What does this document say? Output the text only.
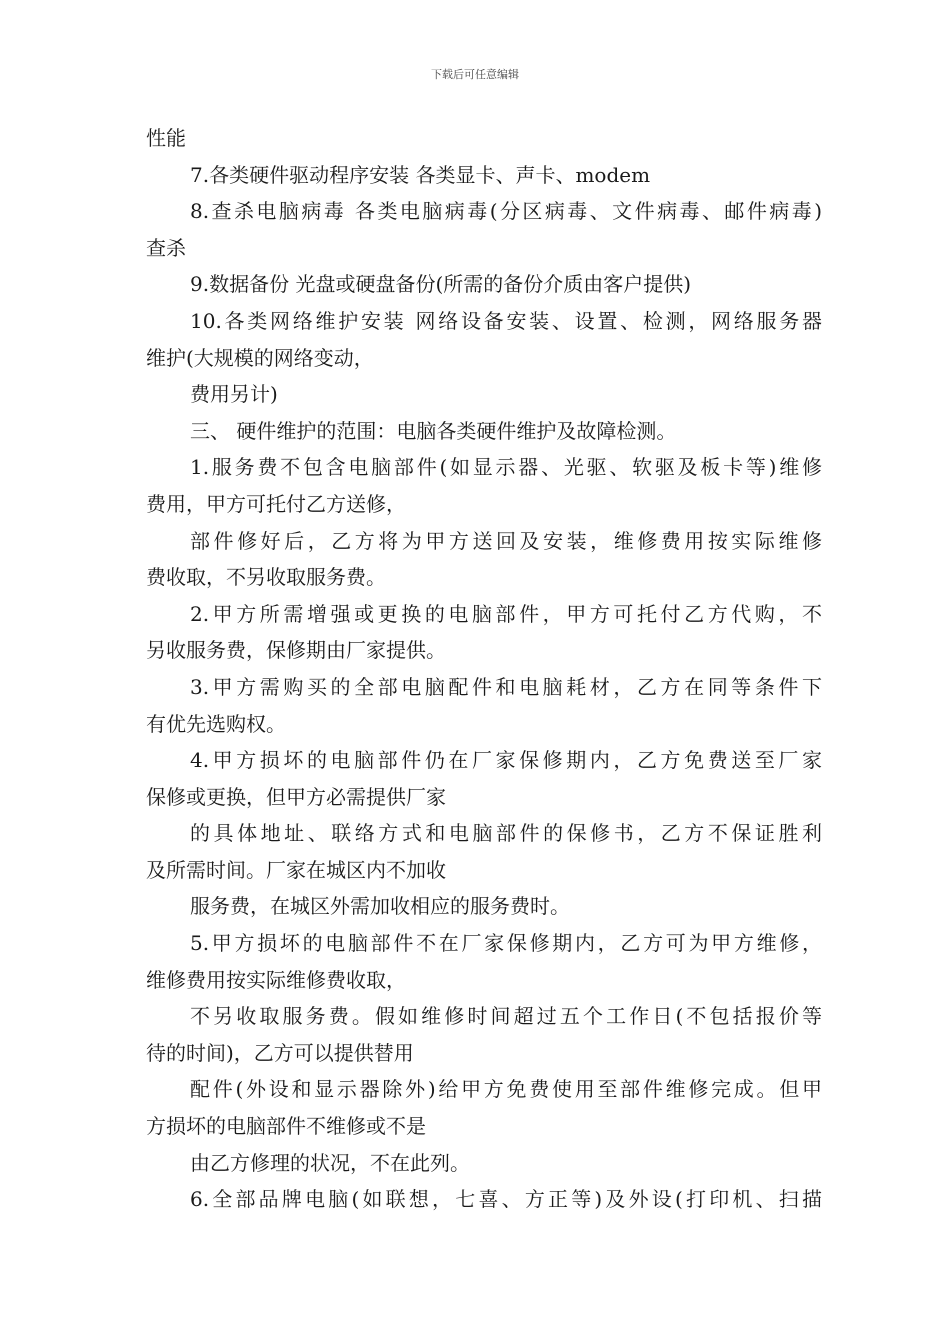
下载后可任意编辑
性能
7.各类硬件驱动程序安装 各类显卡、声卡、modem
8.查杀电脑病毒 各类电脑病毒(分区病毒、文件病毒、邮件病毒)
查杀
9.数据备份 光盘或硬盘备份(所需的备份介质由客户提供)
10.各类网络维护安装 网络设备安装、设置、检测，网络服务器
维护(大规模的网络变动，
费用另计)
三、 硬件维护的范围：电脑各类硬件维护及故障检测。
1.服务费不包含电脑部件(如显示器、光驱、软驱及板卡等)维修
费用，甲方可托付乙方送修，
部件修好后，乙方将为甲方送回及安装，维修费用按实际维修
费收取，不另收取服务费。
2.甲方所需增强或更换的电脑部件，甲方可托付乙方代购，不
另收服务费，保修期由厂家提供。
3.甲方需购买的全部电脑配件和电脑耗材，乙方在同等条件下
有优先选购权。
4.甲方损坏的电脑部件仍在厂家保修期内，乙方免费送至厂家
保修或更换，但甲方必需提供厂家
的具体地址、联络方式和电脑部件的保修书，乙方不保证胜利
及所需时间。厂家在城区内不加收
服务费，在城区外需加收相应的服务费时。
5.甲方损坏的电脑部件不在厂家保修期内，乙方可为甲方维修，
维修费用按实际维修费收取，
不另收取服务费。假如维修时间超过五个工作日(不包括报价等
待的时间)，乙方可以提供替用
配件(外设和显示器除外)给甲方免费使用至部件维修完成。但甲
方损坏的电脑部件不维修或不是
由乙方修理的状况，不在此列。
6.全部品牌电脑(如联想，七喜、方正等)及外设(打印机、扫描
